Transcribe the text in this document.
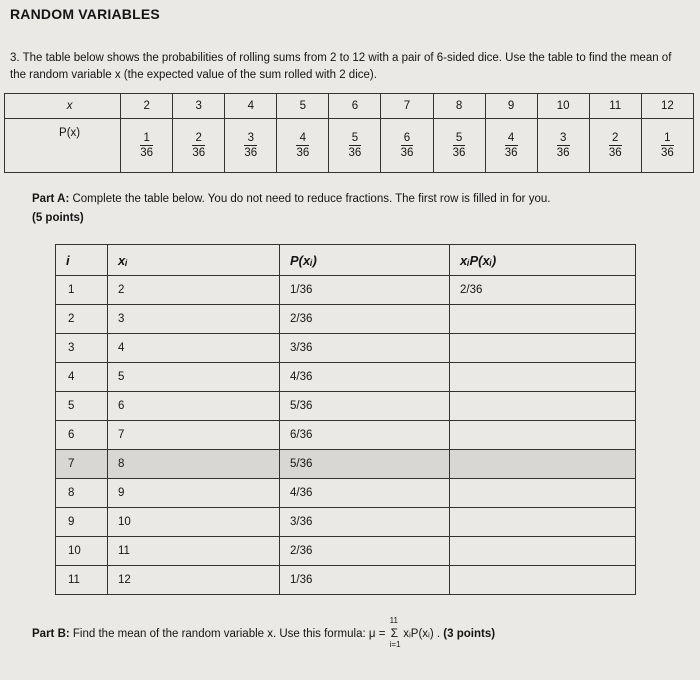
RANDOM VARIABLES
3. The table below shows the probabilities of rolling sums from 2 to 12 with a pair of 6-sided dice. Use the table to find the mean of the random variable x (the expected value of the sum rolled with 2 dice).
x	2	3	4	5	6	7	8	9	10	11	12
P(x)	$\frac{1}{36}$	$\frac{2}{36}$	$\frac{3}{36}$	$\frac{4}{36}$	$\frac{5}{36}$	$\frac{6}{36}$	$\frac{5}{36}$	$\frac{4}{36}$	$\frac{3}{36}$	$\frac{2}{36}$	$\frac{1}{36}$
Part A: Complete the table below. You do not need to reduce fractions. The first row is filled in for you.
(5 points)
i	xᵢ	P(xᵢ)	xᵢP(xᵢ)
1	2	1/36	2/36
2	3	2/36	
3	4	3/36	
4	5	4/36	
5	6	5/36	
6	7	6/36	
7	8	5/36	
8	9	4/36	
9	10	3/36	
10	11	2/36	
11	12	1/36	
Part B: Find the mean of the random variable x. Use this formula: μ =
11
Σ
i=1
xᵢP(xᵢ) . (3 points)
